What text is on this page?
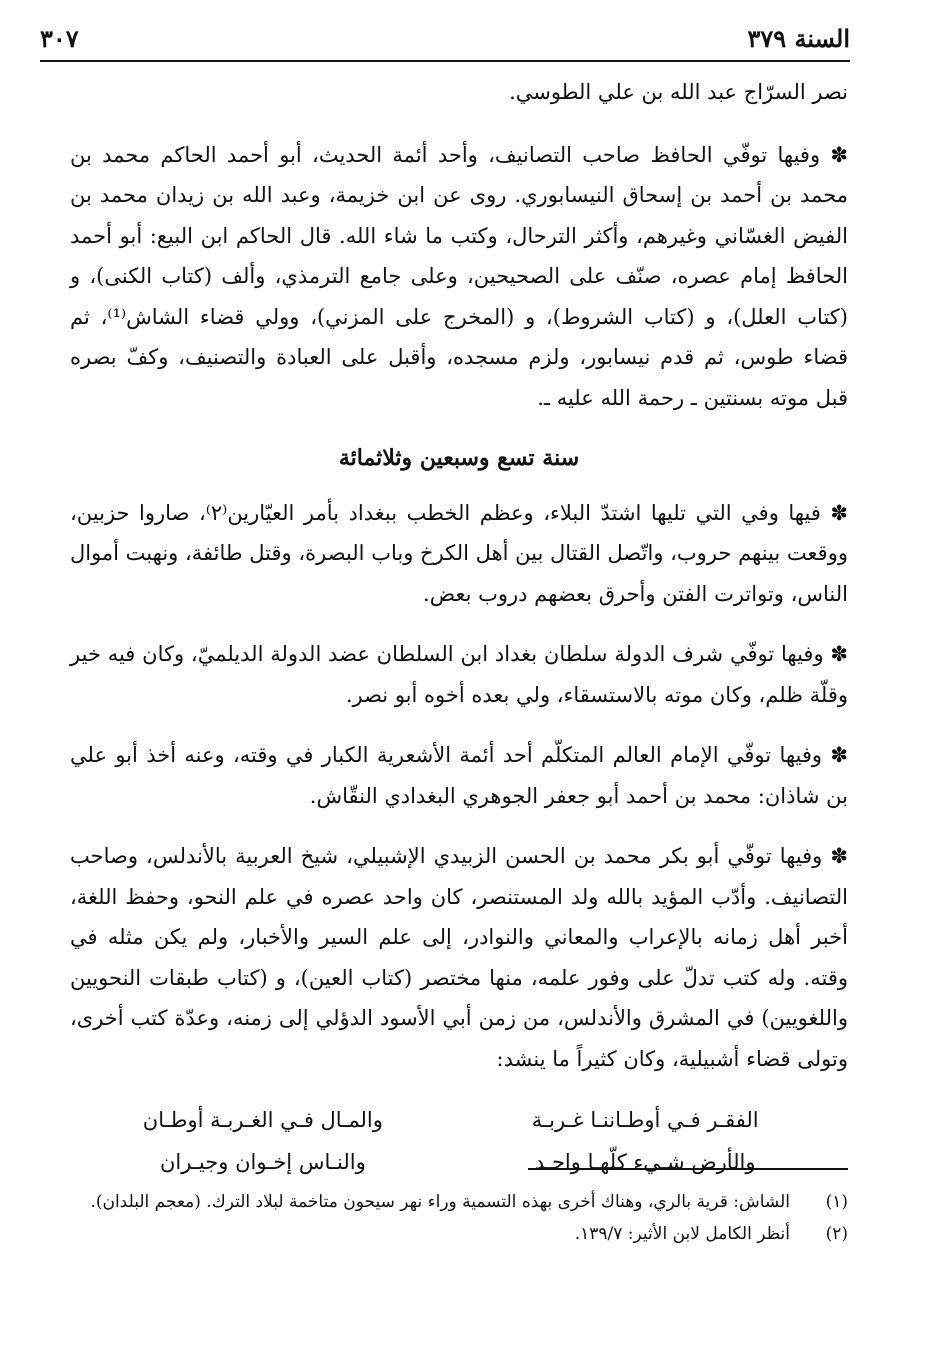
السنة ٣٧٩
٣٠٧

نصر السرّاج عبد الله بن علي الطوسي.

✽ وفيها توفّي الحافظ صاحب التصانيف، وأحد أئمة الحديث، أبو أحمد الحاكم محمد بن محمد بن أحمد بن إسحاق النيسابوري. روى عن ابن خزيمة، وعبد الله بن زيدان محمد بن الفيض الغسّاني وغيرهم، وأكثر الترحال، وكتب ما شاء الله. قال الحاكم ابن البيع: أبو أحمد الحافظ إمام عصره، صنّف على الصحيحين، وعلى جامع الترمذي، وألف (كتاب الكنى)، و (كتاب العلل)، و (كتاب الشروط)، و (المخرج على المزني)، وولي قضاء الشاش⁽¹⁾، ثم قضاء طوس، ثم قدم نيسابور، ولزم مسجده، وأقبل على العبادة والتصنيف، وكفّ بصره قبل موته بسنتين ـ رحمة الله عليه ـ.

سنة تسع وسبعين وثلاثمائة

✽ فيها وفي التي تليها اشتدّ البلاء، وعظم الخطب ببغداد بأمر العيّارين⁽٢⁾، صاروا حزبين، ووقعت بينهم حروب، واتّصل القتال بين أهل الكرخ وباب البصرة، وقتل طائفة، ونهبت أموال الناس، وتواترت الفتن وأحرق بعضهم دروب بعض.

✽ وفيها توفّي شرف الدولة سلطان بغداد ابن السلطان عضد الدولة الديلميّ، وكان فيه خير وقلّة ظلم، وكان موته بالاستسقاء، ولي بعده أخوه أبو نصر.

✽ وفيها توفّي الإمام العالم المتكلّم أحد أئمة الأشعرية الكبار في وقته، وعنه أخذ أبو علي بن شاذان: محمد بن أحمد أبو جعفر الجوهري البغدادي النقّاش.

✽ وفيها توفّي أبو بكر محمد بن الحسن الزبيدي الإشبيلي، شيخ العربية بالأندلس، وصاحب التصانيف. وأدّب المؤيد بالله ولد المستنصر، كان واحد عصره في علم النحو، وحفظ اللغة، أخبر أهل زمانه بالإعراب والمعاني والنوادر، إلى علم السير والأخبار، ولم يكن مثله في وقته. وله كتب تدلّ على وفور علمه، منها مختصر (كتاب العين)، و (كتاب طبقات النحويين واللغويين) في المشرق والأندلس، من زمن أبي الأسود الدؤلي إلى زمنه، وعدّة كتب أخرى، وتولى قضاء أشبيلية، وكان كثيراً ما ينشد:

الفقـر فـي أوطـاننـا غـربـة
والمـال فـي الغـربـة أوطـان
والأرض شـيء كلّهـا واحـد
والنـاس إخـوان وجيـران
(١)
الشاش: قرية بالري، وهناك أخرى بهذه التسمية وراء نهر سيحون متاخمة لبلاد الترك. (معجم البلدان).
(٢)
أنظر الكامل لابن الأثير: ١٣٩/٧.
